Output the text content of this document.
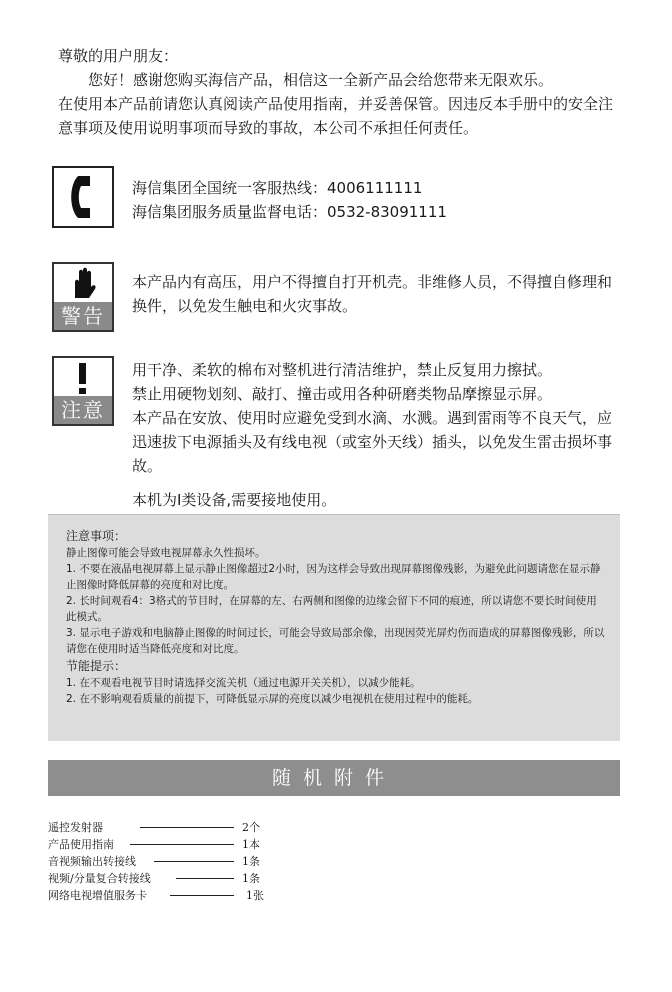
尊敬的用户朋友：

您好！感谢您购买海信产品，相信这一全新产品会给您带来无限欢乐。

在使用本产品前请您认真阅读产品使用指南，并妥善保管。因违反本手册中的安全注意事项及使用说明事项而导致的事故，本公司不承担任何责任。

海信集团全国统一客服热线：4006111111
海信集团服务质量监督电话：0532-83091111
警告
本产品内有高压，用户不得擅自打开机壳。非维修人员，不得擅自修理和换件，以免发生触电和火灾事故。
注意
用干净、柔软的棉布对整机进行清洁维护，禁止反复用力擦拭。
禁止用硬物划刻、敲打、撞击或用各种研磨类物品摩擦显示屏。
本产品在安放、使用时应避免受到水滴、水溅。遇到雷雨等不良天气，应迅速拔下电源插头及有线电视（或室外天线）插头，以免发生雷击损坏事故。
本机为Ⅰ类设备,需要接地使用。
注意事项：
静止图像可能会导致电视屏幕永久性损坏。
1. 不要在液晶电视屏幕上显示静止图像超过2小时，因为这样会导致出现屏幕图像残影，为避免此问题请您在显示静止图像时降低屏幕的亮度和对比度。
2. 长时间观看4：3格式的节目时，在屏幕的左、右两侧和图像的边缘会留下不同的痕迹，所以请您不要长时间使用此模式。
3. 显示电子游戏和电脑静止图像的时间过长，可能会导致局部余像，出现因荧光屏灼伤而造成的屏幕图像残影，所以请您在使用时适当降低亮度和对比度。
节能提示：
1. 在不观看电视节目时请选择交流关机（通过电源开关关机），以减少能耗。
2. 在不影响观看质量的前提下，可降低显示屏的亮度以减少电视机在使用过程中的能耗。
随机附件
遥控发射器	2个
产品使用指南	1本
音视频输出转接线	1条
视频/分量复合转接线	1条
网络电视增值服务卡	1张
